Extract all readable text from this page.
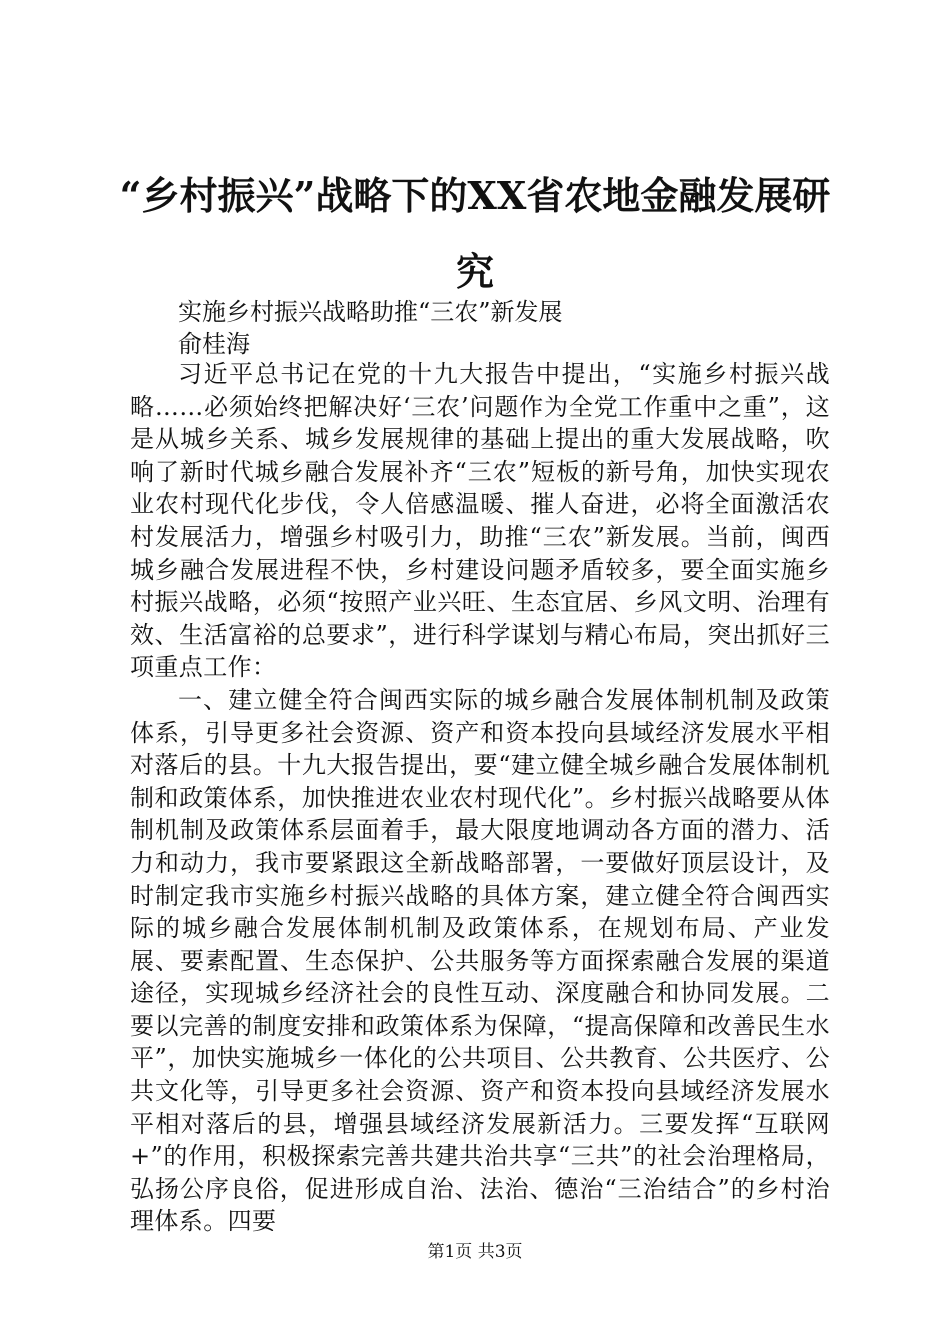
“乡村振兴”战略下的XX省农地金融发展研究
实施乡村振兴战略助推“三农”新发展
俞桂海

习近平总书记在党的十九大报告中提出，“实施乡村振兴战略……必须始终把解决好‘三农’问题作为全党工作重中之重”，这是从城乡关系、城乡发展规律的基础上提出的重大发展战略，吹响了新时代城乡融合发展补齐“三农”短板的新号角，加快实现农业农村现代化步伐，令人倍感温暖、摧人奋进，必将全面激活农村发展活力，增强乡村吸引力，助推“三农”新发展。当前，闽西城乡融合发展进程不快，乡村建设问题矛盾较多，要全面实施乡村振兴战略，必须“按照产业兴旺、生态宜居、乡风文明、治理有效、生活富裕的总要求”，进行科学谋划与精心布局，突出抓好三项重点工作：

一、建立健全符合闽西实际的城乡融合发展体制机制及政策体系，引导更多社会资源、资产和资本投向县域经济发展水平相对落后的县。十九大报告提出，要“建立健全城乡融合发展体制机制和政策体系，加快推进农业农村现代化”。乡村振兴战略要从体制机制及政策体系层面着手，最大限度地调动各方面的潜力、活力和动力，我市要紧跟这全新战略部署，一要做好顶层设计，及时制定我市实施乡村振兴战略的具体方案，建立健全符合闽西实际的城乡融合发展体制机制及政策体系，在规划布局、产业发展、要素配置、生态保护、公共服务等方面探索融合发展的渠道途径，实现城乡经济社会的良性互动、深度融合和协同发展。二要以完善的制度安排和政策体系为保障，“提高保障和改善民生水平”，加快实施城乡一体化的公共项目、公共教育、公共医疗、公共文化等，引导更多社会资源、资产和资本投向县域经济发展水平相对落后的县，增强县域经济发展新活力。三要发挥“互联网+”的作用，积极探索完善共建共治共享“三共”的社会治理格局，弘扬公序良俗，促进形成自治、法治、德治“三治结合”的乡村治理体系。四要

第1页 共3页
